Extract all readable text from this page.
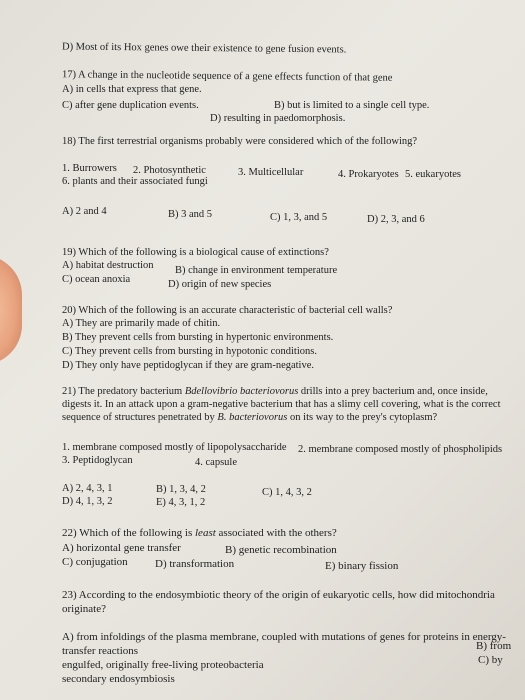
D) Most of its Hox genes owe their existence to gene fusion events.
17) A change in the nucleotide sequence of a gene effects function of that gene
A) in cells that express that gene.
B) but is limited to a single cell type.
C) after gene duplication events.
D) resulting in paedomorphosis.
18) The first terrestrial organisms probably were considered which of the following?
1. Burrowers 2. Photosynthetic	3. Multicellular	4. Prokaryotes 5. eukaryotes
6. plants and their associated fungi
A) 2 and 4	B) 3 and 5	C) 1, 3, and 5	D) 2, 3, and 6
19) Which of the following is a biological cause of extinctions?
A) habitat destruction B) change in environment temperature
C) ocean anoxia	D) origin of new species
20) Which of the following is an accurate characteristic of bacterial cell walls?
A) They are primarily made of chitin.
B) They prevent cells from bursting in hypertonic environments.
C) They prevent cells from bursting in hypotonic conditions.
D) They only have peptidoglycan if they are gram-negative.
21) The predatory bacterium Bdellovibrio bacteriovorus drills into a prey bacterium and, once inside,
digests it. In an attack upon a gram-negative bacterium that has a slimy cell covering, what is the correct
sequence of structures penetrated by B. bacteriovorus on its way to the prey's cytoplasm?
1. membrane composed mostly of lipopolysaccharide 2. membrane composed mostly of phospholipids
3. Peptidoglycan	4. capsule
A) 2, 4, 3, 1	B) 1, 3, 4, 2	C) 1, 4, 3, 2
D) 4, 1, 3, 2	E) 4, 3, 1, 2
22) Which of the following is least associated with the others?
A) horizontal gene transfer	B) genetic recombination
C) conjugation D) transformation	E) binary fission
23) According to the endosymbiotic theory of the origin of eukaryotic cells, how did mitochondria
originate?
A) from infoldings of the plasma membrane, coupled with mutations of genes for proteins in energy-
transfer reactions	B) from
engulfed, originally free-living proteobacteria	C) by
secondary endosymbiosis
